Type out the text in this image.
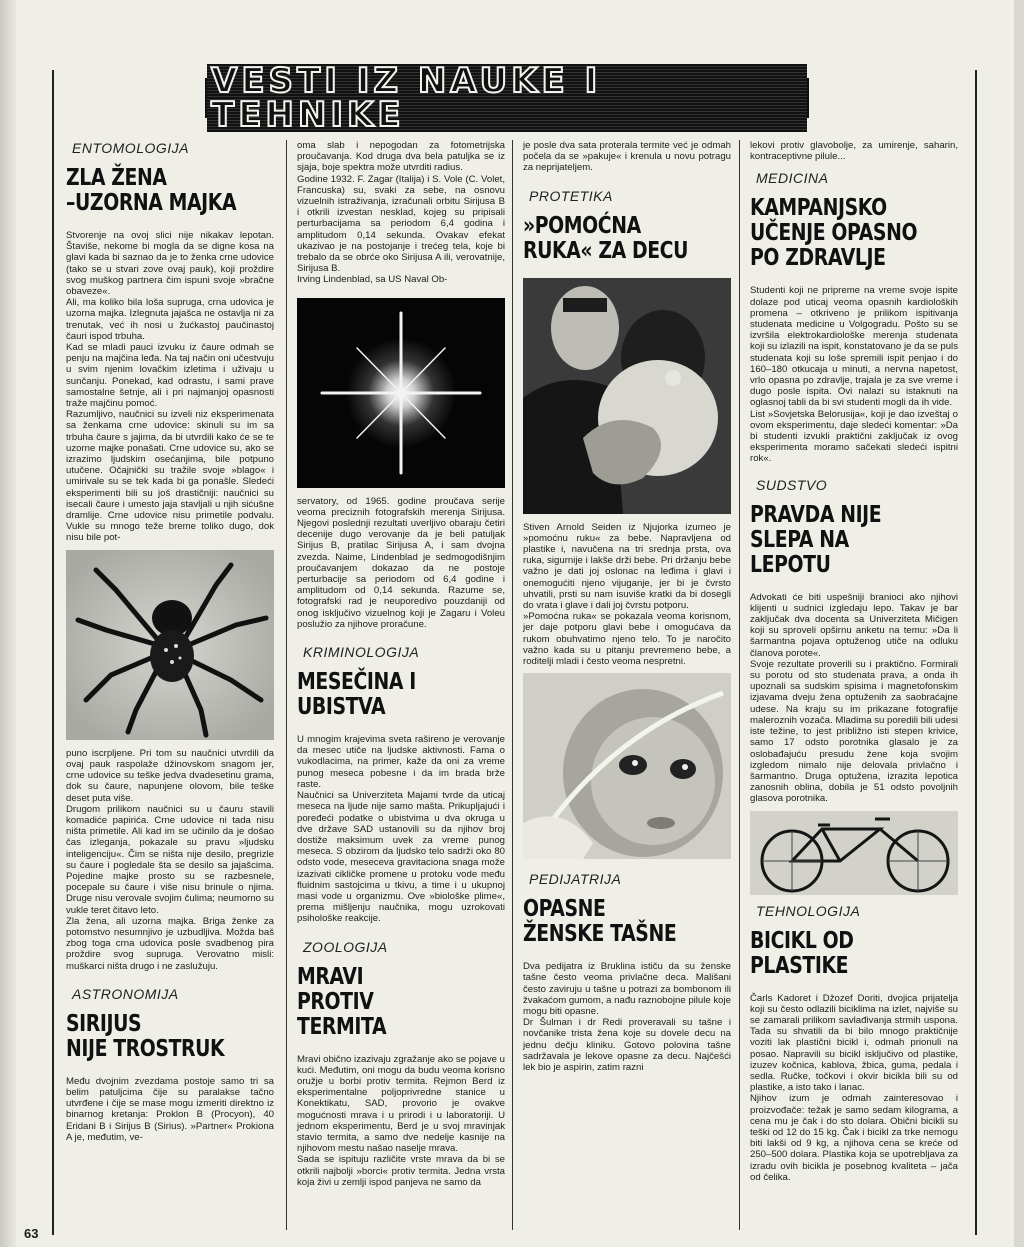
VESTI IZ NAUKE I TEHNIKE
ENTOMOLOGIJA
ZLA ŽENA
–UZORNA MAJKA

Stvorenje na ovoj slici nije nikakav lepotan. Štaviše, nekome bi mogla da se digne kosa na glavi kada bi saznao da je to ženka crne udovice (tako se u stvari zove ovaj pauk), koji proždire svog muškog partnera čim ispuni svoje »bračne obaveze«.
Ali, ma koliko bila loša supruga, crna udovica je uzorna majka. Izlegnuta jajašca ne ostavlja ni za trenutak, već ih nosi u žućkastoj paučinastoj čauri ispod trbuha.
Kad se mladi pauci izvuku iz čaure odmah se penju na majčina leđa. Na taj način oni učestvuju u svim njenim lovačkim izletima i uživaju u sunčanju. Ponekad, kad odrastu, i sami prave samostalne šetnje, ali i pri najmanjoj opasnosti traže majčinu pomoć.
Razumljivo, naučnici su izveli niz eksperimenata sa ženkama crne udovice: skinuli su im sa trbuha čaure s jajima, da bi utvrdili kako će se te uzorne majke ponašati. Crne udovice su, ako se izrazimo ljudskim osećanjima, bile potpuno utučene. Očajnički su tražile svoje »blago« i umirivale su se tek kada bi ga ponašle. Sledeći eksperimenti bili su još drastičniji: naučnici su isecali čaure i umesto jaja stavljali u njih sićušne dramlije. Crne udovice nisu primetile podvalu. Vukle su mnogo teže breme toliko dugo, dok nisu bile pot-

puno iscrpljene. Pri tom su naučnici utvrdili da ovaj pauk raspolaže džinovskom snagom jer, crne udovice su teške jedva dvadesetinu grama, dok su čaure, napunjene olovom, bile teške deset puta više.
Drugom prilikom naučnici su u čauru stavili komadiće papirića. Crne udovice ni tada nisu ništa primetile. Ali kad im se učinilo da je došao čas izleganja, pokazale su pravu »ljudsku inteligenciju«. Čim se ništa nije desilo, pregrizle su čaure i pogledale šta se desilo sa jajašcima. Pojedine majke prosto su se razbesnele, pocepale su čaure i više nisu brinule o njima. Druge nisu verovale svojim čulima; neumorno su vukle teret čitavo leto.
Zla žena, ali uzorna majka. Briga ženke za potomstvo nesumnjivo je uzbudljiva. Možda baš zbog toga crna udovica posle svadbenog pira proždire svog supruga. Verovatno misli: muškarci ništa drugo i ne zaslužuju.

ASTRONOMIJA
SIRIJUS
NIJE TROSTRUK

Među dvojnim zvezdama postoje samo tri sa belim patuljcima čije su paralakse tačno utvrđene i čije se mase mogu izmeriti direktno iz binarnog kretanja: Proklon B (Procyon), 40 Eridani B i Sirijus B (Sirius). »Partner« Prokiona A je, međutim, ve-

oma slab i nepogodan za fotometrijska proučavanja. Kod druga dva bela patuljka se iz sjaja, boje spektra može utvrditi radius.
Godine 1932. F. Zagar (Italija) i S. Vole (C. Volet, Francuska) su, svaki za sebe, na osnovu vizuelnih istraživanja, izračunali orbitu Sirijusa B i otkrili izvestan nesklad, kojeg su pripisali perturbacijama sa periodom 6,4 godina i amplitudom 0,14 sekunda. Ovakav efekat ukazivao je na postojanje i trećeg tela, koje bi trebalo da se obrće oko Sirijusa A ili, verovatnije, Sirijusa B.
Irving Lindenblad, sa US Naval Ob-

servatory, od 1965. godine proučava serije veoma preciznih fotografskih merenja Sirijusa. Njegovi poslednji rezultati uverljivo obaraju četiri decenije dugo verovanje da je beli patuljak Sirijus B, pratilac Sirijusa A, i sam dvojna zvezda. Naime, Lindenblad je sedmogodišnjim proučavanjem dokazao da ne postoje perturbacije sa periodom od 6,4 godine i amplitudom od 0,14 sekunda. Razume se, fotografski rad je neuporedivo pouzdaniji od onog isključivo vizuelnog koji je Zagaru i Voleu poslužio za njihove proračune.

KRIMINOLOGIJA
MESEČINA I UBISTVA

U mnogim krajevima sveta rašireno je verovanje da mesec utiče na ljudske aktivnosti. Fama o vukodlacima, na primer, kaže da oni za vreme punog meseca pobesne i da im brada brže raste.
Naučnici sa Univerziteta Majami tvrde da uticaj meseca na ljude nije samo mašta. Prikupljajući i poređeći podatke o ubistvima u dva okruga u dve države SAD ustanovili su da njihov broj dostiže maksimum uvek za vreme punog meseca. S obzirom da ljudsko telo sadrži oko 80 odsto vode, meseceva gravitaciona snaga može izazivati cikličke promene u protoku vode među fluidnim sastojcima u tkivu, a time i u ukupnoj masi vode u organizmu. Ove »biološke plime«, prema mišljenju naučnika, mogu uzrokovati psihološke reakcije.

ZOOLOGIJA
MRAVI
PROTIV TERMITA

Mravi obično izazivaju zgražanje ako se pojave u kući. Međutim, oni mogu da budu veoma korisno oružje u borbi protiv termita. Rejmon Berd iz eksperimentalne poljoprivredne stanice u Konektikatu, SAD, provorio je ovakve mogućnosti mrava i u prirodi i u laboratoriji. U jednom eksperimentu, Berd je u svoj mravinjak stavio termita, a samo dve nedelje kasnije na njihovom mestu našao naselje mrava.
Sada se ispituju različite vrste mrava da bi se otkrili najbolji »borci« protiv termita. Jedna vrsta koja živi u zemlji ispod panjeva ne samo da

je posle dva sata proterala termite već je odmah počela da se »pakuje« i krenula u novu potragu za neprijateljem.

PROTETIKA
»POMOĆNA
RUKA« ZA DECU

Stiven Arnold Seiden iz Njujorka izumeo je »pomoćnu ruku« za bebe. Napravljena od plastike i, navučena na tri srednja prsta, ova ruka, sigurnije i lakše drži bebe. Pri držanju bebe važno je dati joj oslonac na leđima i glavi i onemogućiti njeno vijuganje, jer bi je čvrsto uhvatili, prsti su nam isuviše kratki da bi dosegli do vrata i glave i dali joj čvrstu potporu.
»Pomoćna ruka« se pokazala veoma korisnom, jer daje potporu glavi bebe i omogućava da rukom obuhvatimo njeno telo. To je naročito važno kada su u pitanju prevremeno bebe, a roditelji mladi i često veoma nespretni.

PEDIJATRIJA
OPASNE
ŽENSKE TAŠNE

Dva pedijatra iz Bruklina ističu da su ženske tašne često veoma privlačne deca. Mališani često zaviruju u tašne u potrazi za bombonom ili žvakaćom gumom, a nađu raznobojne pilule koje mogu biti opasne.
Dr Šulman i dr Redi proveravali su tašne i novčanike trista žena koje su dovele decu na jednu dečju kliniku. Gotovo polovina tašne sadržavala je lekove opasne za decu. Najčešći lek bio je aspirin, zatim razni

lekovi protiv glavobolje, za umirenje, saharin, kontraceptivne pilule...

MEDICINA
KAMPANJSKO
UČENJE OPASNO
PO ZDRAVLJE

Studenti koji ne pripreme na vreme svoje ispite dolaze pod uticaj veoma opasnih kardioloških promena – otkriveno je prilikom ispitivanja studenata medicine u Volgogradu. Pošto su se izvršila elektrokardiološke merenja studenata koji su izlazili na ispit, konstatovano je da se puls studenata koji su loše spremili ispit penjao i do 160–180 otkucaja u minuti, a nervna napetost, vrlo opasna po zdravlje, trajala je za sve vreme i dugo posle ispita. Ovi nalazi su istaknuti na oglasnoj tabli da bi svi studenti mogli da ih vide.
List »Sovjetska Belorusija«, koji je dao izveštaj o ovom eksperimentu, daje sledeći komentar: »Da bi studenti izvukli praktični zaključak iz ovog eksperimenta moramo sačekati sledeći ispitni rok«.

SUDSTVO
PRAVDA NIJE
SLEPA NA LEPOTU

Advokati će biti uspešniji branioci ako njihovi klijenti u sudnici izgledaju lepo. Takav je bar zaključak dva docenta sa Univerziteta Mičigen koji su sproveli opširnu anketu na temu: »Da li šarmantna pojava optuženog utiče na odluku članova porote«.
Svoje rezultate proverili su i praktično. Formirali su porotu od sto studenata prava, a onda ih upoznali sa sudskim spisima i magnetofonskim izjavama dveju žena optuženih za saobraćajne udese. Na kraju su im prikazane fotografije maleroznih vozača. Mladima su poredili bili udesi iste težine, to jest približno isti stepen krivice, samo 17 odsto porotnika glasalo je za oslobađajuću presudu žene koja svojim izgledom nimalo nije delovala privlačno i šarmantno. Druga optužena, izrazita lepotica zanosnih oblina, dobila je 51 odsto povoljnih glasova porotnika.

TEHNOLOGIJA
BICIKL OD PLASTIKE

Čarls Kadoret i Džozef Doriti, dvojica prijatelja koji su često odlazili biciklima na izlet, najviše su se zamarali prilikom savlađivanja strmih uspona. Tada su shvatili da bi bilo mnogo praktičnije voziti lak plastični bicikl i, odmah prionuli na posao. Napravili su bicikl isključivo od plastike, izuzev kočnica, kablova, žbica, guma, pedala i sedla. Ručke, točkovi i okvir bicikla bili su od plastike, a isto tako i lanac.
Njihov izum je odmah zainteresovao i proizvođače: težak je samo sedam kilograma, a cena mu je čak i do sto dolara. Obični bicikli su teški od 12 do 15 kg. Čak i bicikl za trke nemogu biti lakši od 9 kg, a njihova cena se kreće od 250–500 dolara. Plastika koja se upotrebljava za izradu ovih bicikla je posebnog kvaliteta – jača od čelika.

63
